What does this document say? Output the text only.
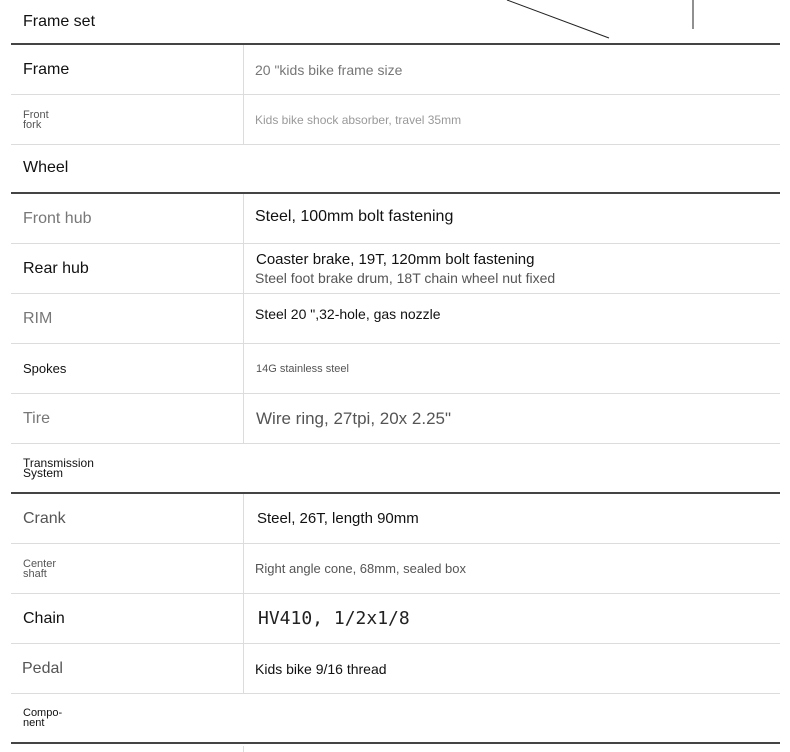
Frame set
Frame	20 "kids bike frame size
Front
fork	Kids bike shock absorber, travel 35mm
Wheel
Front hub	Steel, 100mm bolt fastening
Rear hub	Coaster brake, 19T, 120mm bolt fastening
Steel foot brake drum, 18T chain wheel nut fixed
RIM	Steel 20 ",32-hole, gas nozzle
Spokes	14G stainless steel
Tire	Wire ring, 27tpi, 20x 2.25"
Transmission
System
Crank	Steel, 26T, length 90mm
Center
shaft	Right angle cone, 68mm, sealed box
Chain	HV410, 1/2x1/8
Pedal	Kids bike 9/16 thread
Compo-
nent
